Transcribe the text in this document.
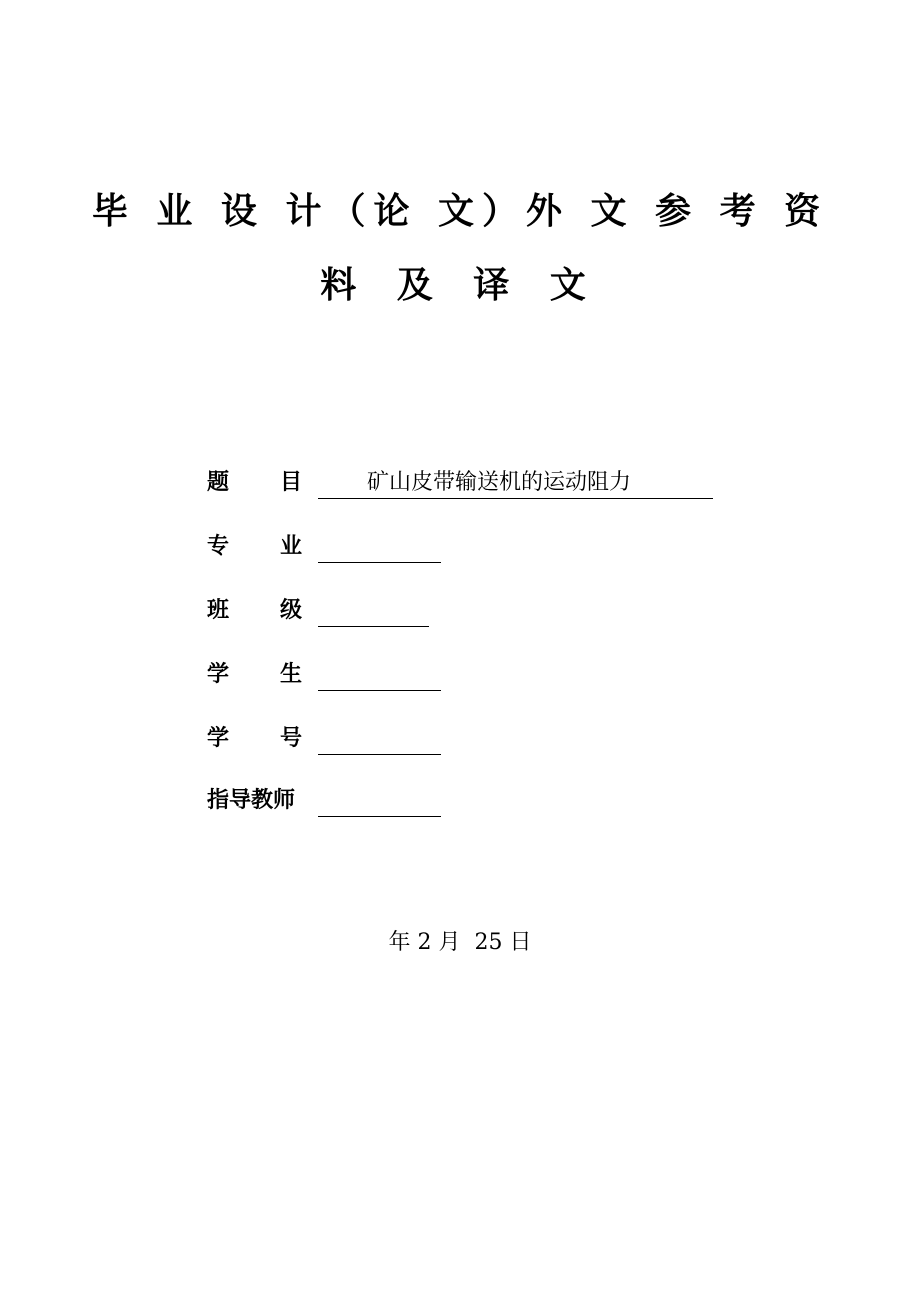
毕 业 设 计（论 文）外 文 参 考 资
料 及 译 文
题 目	矿山皮带输送机的运动阻力
专 业
班 级
学 生
学 号
指导教师
年 2 月 25 日
